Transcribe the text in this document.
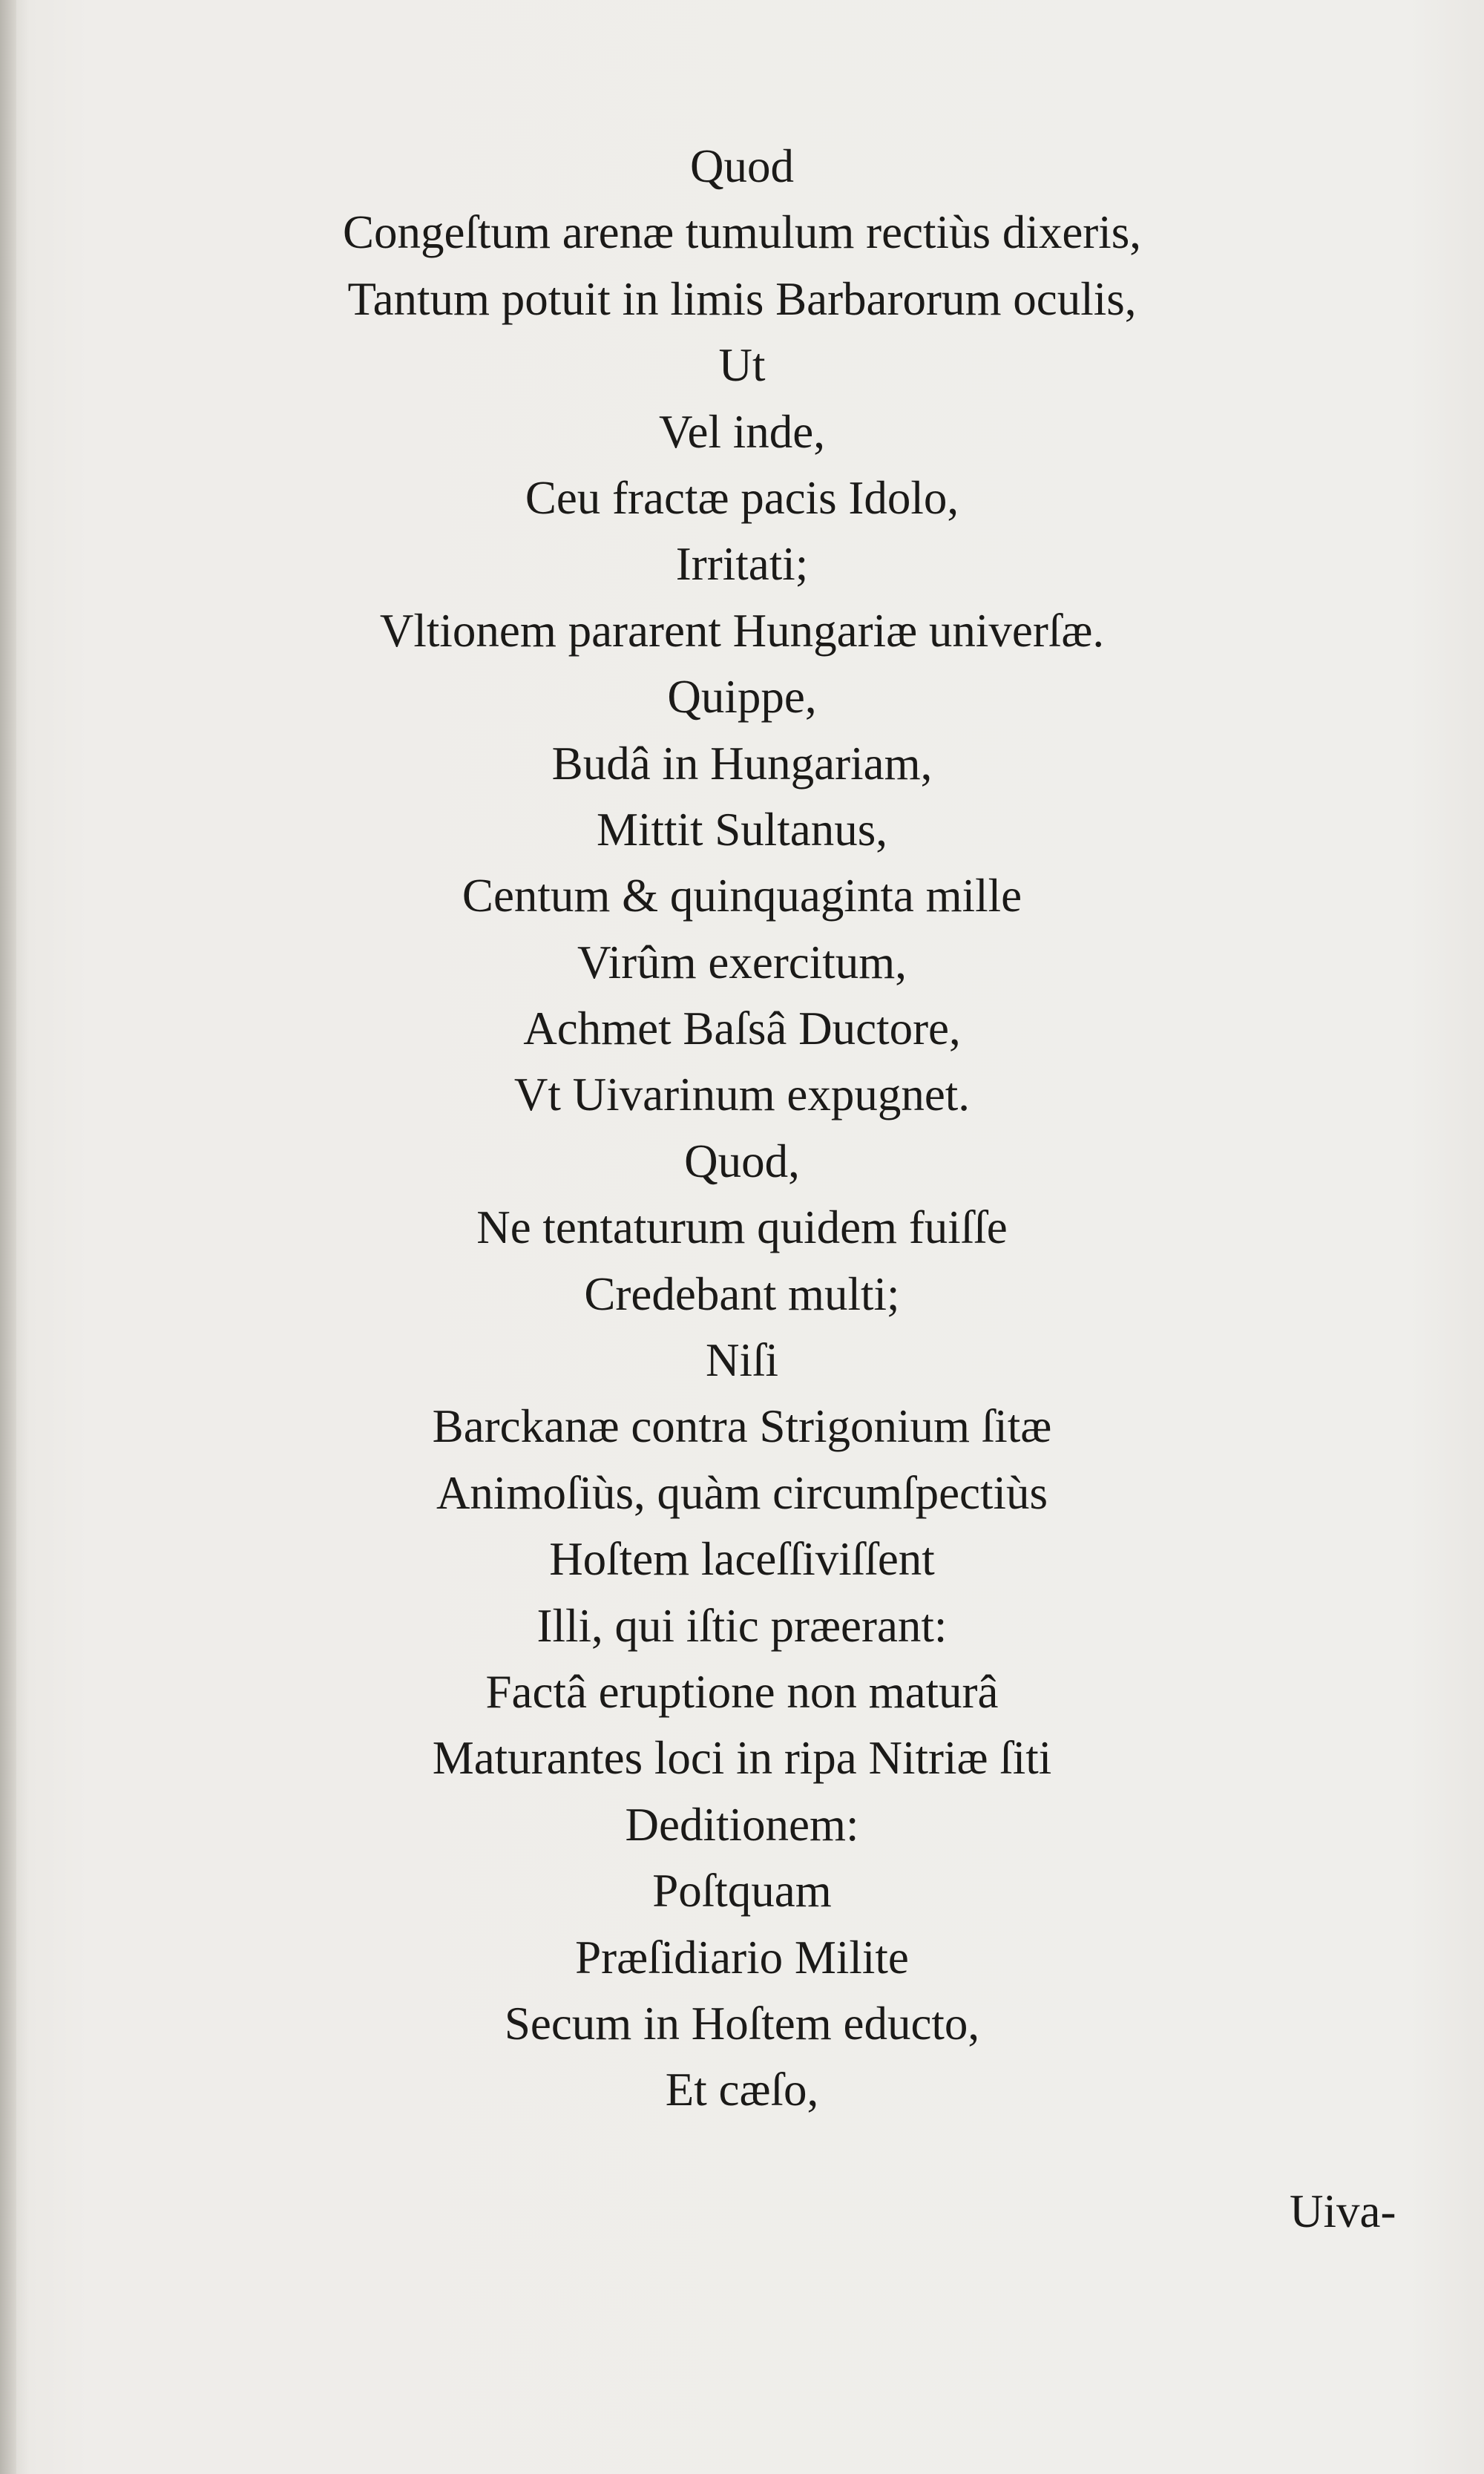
Quod
Congeſtum arenæ tumulum rectiùs dixeris,
Tantum potuit in limis Barbarorum oculis,
Ut
Vel inde,
Ceu fractæ pacis Idolo,
Irritati;
Vltionem pararent Hungariæ univerſæ.
Quippe,
Budâ in Hungariam,
Mittit Sultanus,
Centum & quinquaginta mille
Virûm exercitum,
Achmet Baſsâ Ductore,
Vt Uivarinum expugnet.
Quod,
Ne tentaturum quidem fuiſſe
Credebant multi;
Niſi
Barckanæ contra Strigonium ſitæ
Animoſiùs, quàm circumſpectiùs
Hoſtem laceſſiviſſent
Illi, qui iſtic præerant:
Factâ eruptione non maturâ
Maturantes loci in ripa Nitriæ ſiti
Deditionem:
Poſtquam
Præſidiario Milite
Secum in Hoſtem educto,
Et cæſo,
Uiva-
